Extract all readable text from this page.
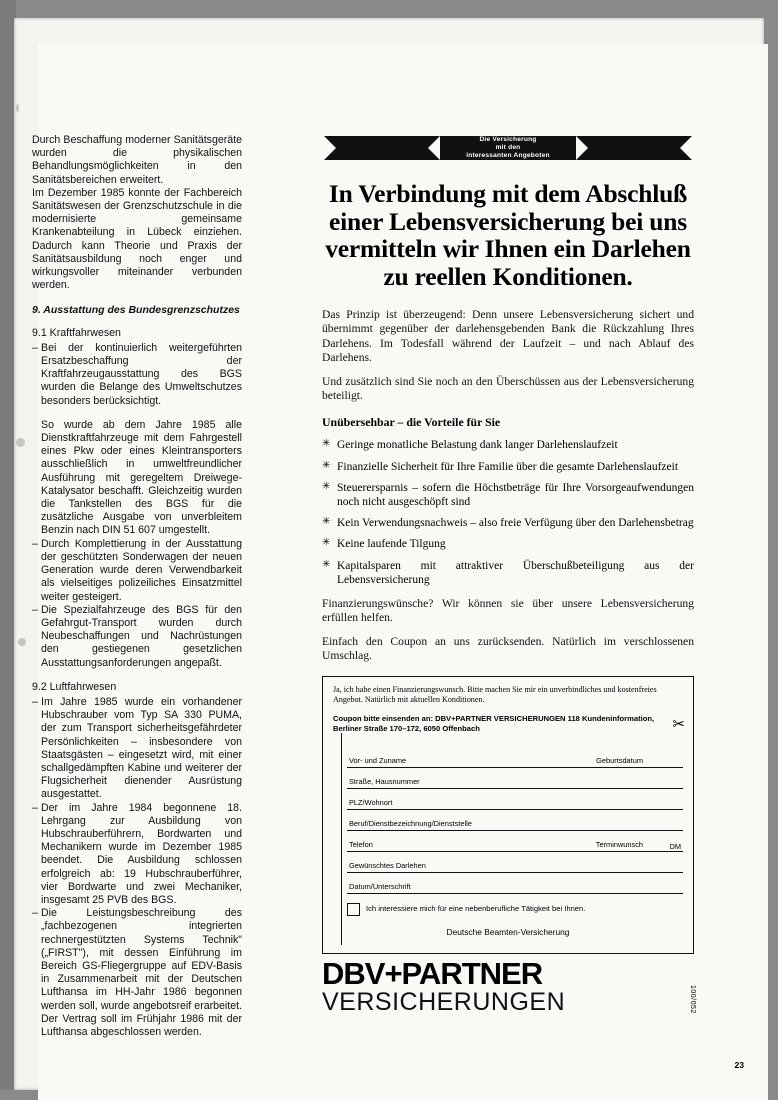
Durch Beschaffung moderner Sanitätsgeräte wurden die physikalischen Behandlungsmöglichkeiten in den Sanitätsbereichen erweitert.

Im Dezember 1985 konnte der Fachbereich Sanitätswesen der Grenzschutzschule in die modernisierte gemeinsame Krankenabteilung in Lübeck einziehen. Dadurch kann Theorie und Praxis der Sanitätsausbildung noch enger und wirkungsvoller miteinander verbunden werden.

9. Ausstattung des Bundesgrenzschutzes
9.1 Kraftfahrwesen
– Bei der kontinuierlich weitergeführten Ersatzbeschaffung der Kraftfahrzeugausstattung des BGS wurden die Belange des Umweltschutzes besonders berücksichtigt.
So wurde ab dem Jahre 1985 alle Dienstkraftfahrzeuge mit dem Fahrgestell eines Pkw oder eines Kleintransporters ausschließlich in umweltfreundlicher Ausführung mit geregeltem Dreiwege-Katalysator beschafft. Gleichzeitig wurden die Tankstellen des BGS für die zusätzliche Ausgabe von unverbleitem Benzin nach DIN 51 607 umgestellt.
– Durch Komplettierung in der Ausstattung der geschützten Sonderwagen der neuen Generation wurde deren Verwendbarkeit als vielseitiges polizeiliches Einsatzmittel weiter gesteigert.
– Die Spezialfahrzeuge des BGS für den Gefahrgut-Transport wurden durch Neubeschaffungen und Nachrüstungen den gestiegenen gesetzlichen Ausstattungsanforderungen angepaßt.
9.2 Luftfahrwesen
– Im Jahre 1985 wurde ein vorhandener Hubschrauber vom Typ SA 330 PUMA, der zum Transport sicherheitsgefährdeter Persönlichkeiten – insbesondere von Staatsgästen – eingesetzt wird, mit einer schallgedämpften Kabine und weiterer der Flugsicherheit dienender Ausrüstung ausgestattet.
– Der im Jahre 1984 begonnene 18. Lehrgang zur Ausbildung von Hubschrauberführern, Bordwarten und Mechanikern wurde im Dezember 1985 beendet. Die Ausbildung schlossen erfolgreich ab: 19 Hubschrauberführer, vier Bordwarte und zwei Mechaniker, insgesamt 25 PVB des BGS.
– Die Leistungsbeschreibung des „fachbezogenen integrierten rechnergestützten Systems Technik" („FIRST"), mit dessen Einführung im Bereich GS-Fliegergruppe auf EDV-Basis in Zusammenarbeit mit der Deutschen Lufthansa im HH-Jahr 1986 begonnen werden soll, wurde angebotsreif erarbeitet. Der Vertrag soll im Frühjahr 1986 mit der Lufthansa abgeschlossen werden.
Die Versicherung
mit den
interessanten Angeboten
In Verbindung mit dem Abschluß einer Lebensversicherung bei uns vermitteln wir Ihnen ein Darlehen zu reellen Konditionen.

Das Prinzip ist überzeugend: Denn unsere Lebensversicherung sichert und übernimmt gegenüber der darlehensgebenden Bank die Rückzahlung Ihres Darlehens. Im Todesfall während der Laufzeit – und nach Ablauf des Darlehens.

Und zusätzlich sind Sie noch an den Überschüssen aus der Lebensversicherung beteiligt.

Unübersehbar – die Vorteile für Sie
✳ Geringe monatliche Belastung dank langer Darlehenslaufzeit
✳ Finanzielle Sicherheit für Ihre Familie über die gesamte Darlehenslaufzeit
✳ Steuerersparnis – sofern die Höchstbeträge für Ihre Vorsorgeaufwendungen noch nicht ausgeschöpft sind
✳ Kein Verwendungsnachweis – also freie Verfügung über den Darlehensbetrag
✳ Keine laufende Tilgung
✳ Kapitalsparen mit attraktiver Überschußbeteiligung aus der Lebensversicherung

Finanzierungswünsche? Wir können sie über unsere Lebensversicherung erfüllen helfen.

Einfach den Coupon an uns zurücksenden. Natürlich im verschlossenen Umschlag.

✂
Ja, ich habe einen Finanzierungswunsch. Bitte machen Sie mir ein unverbindliches und kostenfreies Angebot. Natürlich mit aktuellen Konditionen.
Coupon bitte einsenden an: DBV+PARTNER VERSICHERUNGEN 118 Kundeninformation, Berliner Straße 170–172, 6050 Offenbach
Vor- und Zuname	Geburtsdatum
Straße, Hausnummer
PLZ/Wohnort
Beruf/Dienstbezeichnung/Dienststelle
Telefon	Terminwunsch
Gewünschtes Darlehen
DM
Datum/Unterschrift
Ich interessiere mich für eine nebenberufliche Tätigkeit bei Ihnen.
Deutsche Beamten-Versicherung
DBV+PARTNER
VERSICHERUNGEN	100/052
23
